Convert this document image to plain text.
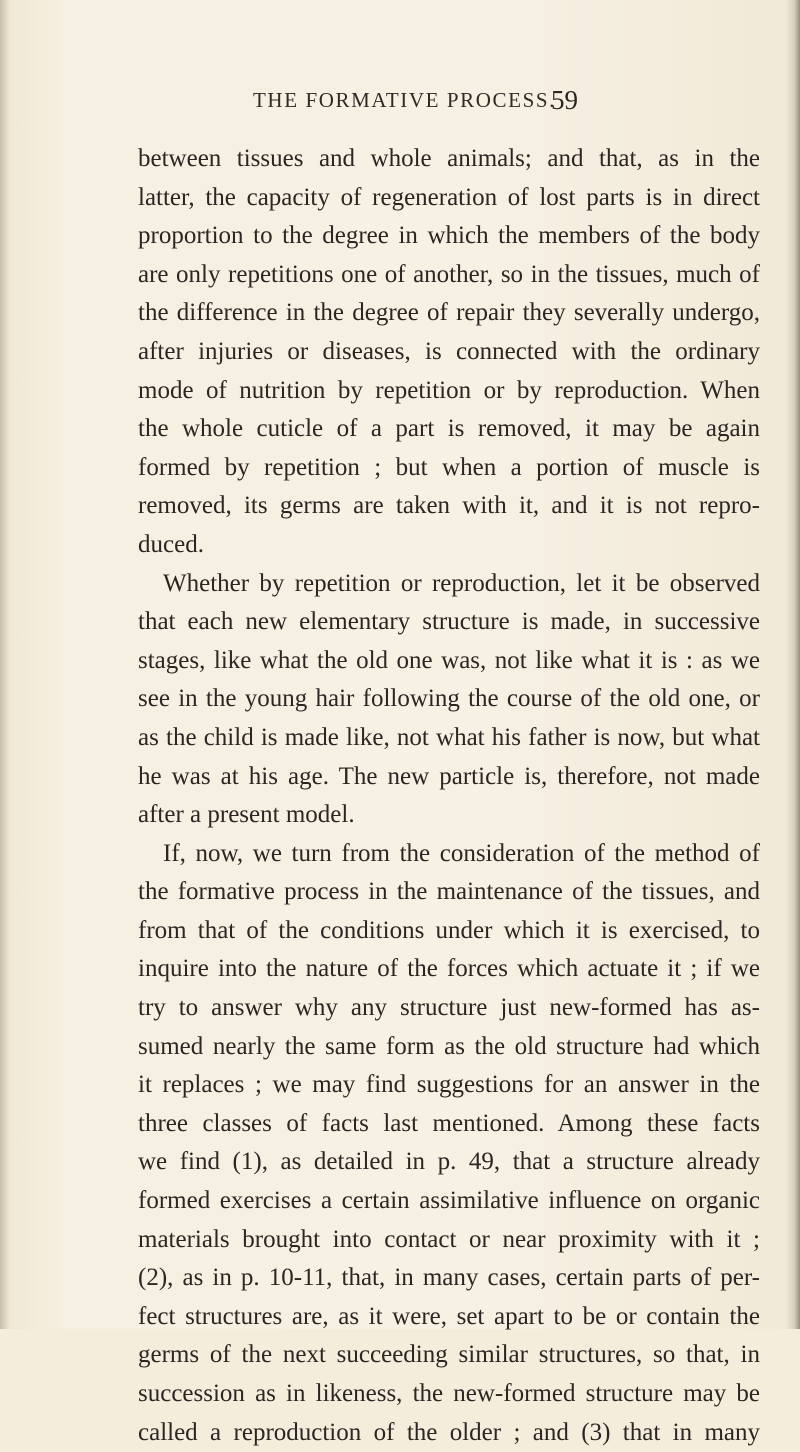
THE FORMATIVE PROCESS.
59
between tissues and whole animals; and that, as in the
latter, the capacity of regeneration of lost parts is in direct
proportion to the degree in which the members of the body
are only repetitions one of another, so in the tissues, much of
the difference in the degree of repair they severally undergo,
after injuries or diseases, is connected with the ordinary
mode of nutrition by repetition or by reproduction. When
the whole cuticle of a part is removed, it may be again
formed by repetition ; but when a portion of muscle is
removed, its germs are taken with it, and it is not repro-
duced.
Whether by repetition or reproduction, let it be observed
that each new elementary structure is made, in successive
stages, like what the old one was, not like what it is : as we
see in the young hair following the course of the old one, or
as the child is made like, not what his father is now, but what
he was at his age. The new particle is, therefore, not made
after a present model.
If, now, we turn from the consideration of the method of
the formative process in the maintenance of the tissues, and
from that of the conditions under which it is exercised, to
inquire into the nature of the forces which actuate it ; if we
try to answer why any structure just new-formed has as-
sumed nearly the same form as the old structure had which
it replaces ; we may find suggestions for an answer in the
three classes of facts last mentioned. Among these facts
we find (1), as detailed in p. 49, that a structure already
formed exercises a certain assimilative influence on organic
materials brought into contact or near proximity with it ;
(2), as in p. 10-11, that, in many cases, certain parts of per-
fect structures are, as it were, set apart to be or contain the
germs of the next succeeding similar structures, so that, in
succession as in likeness, the new-formed structure may be
called a reproduction of the older ; and (3) that in many
